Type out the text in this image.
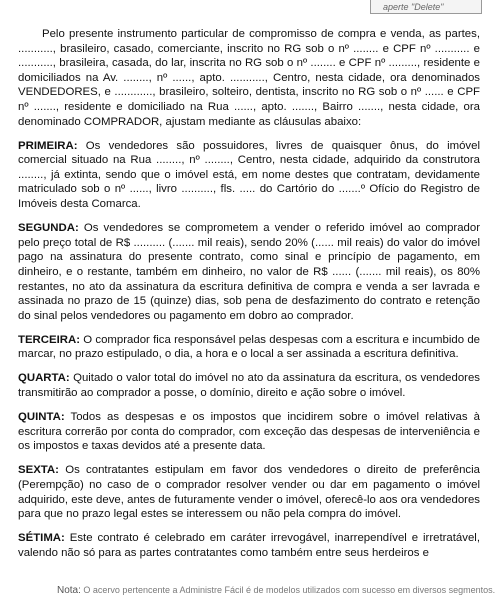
aperte "Delete"

Pelo presente instrumento particular de compromisso de compra e venda, as partes, ..........., brasileiro, casado, comerciante, inscrito no RG sob o nº ........ e CPF nº ........... e ..........., brasileira, casada, do lar, inscrita no RG sob o nº ........ e CPF nº ........., residente e domiciliados na Av. ........, nº ......, apto. ..........., Centro, nesta cidade, ora denominados VENDEDORES, e ............, brasileiro, solteiro, dentista, inscrito no RG sob o nº ...... e CPF nº ......., residente e domiciliado na Rua ......, apto. ......., Bairro ......., nesta cidade, ora denominado COMPRADOR, ajustam mediante as cláusulas abaixo:

PRIMEIRA: Os vendedores são possuidores, livres de quaisquer ônus, do imóvel comercial situado na Rua ........, nº ........, Centro, nesta cidade, adquirido da construtora ........, já extinta, sendo que o imóvel está, em nome destes que contratam, devidamente matriculado sob o nº ......, livro .........., fls. ..... do Cartório do .......º Ofício do Registro de Imóveis desta Comarca.

SEGUNDA: Os vendedores se comprometem a vender o referido imóvel ao comprador pelo preço total de R$ .......... (....... mil reais), sendo 20% (...... mil reais) do valor do imóvel pago na assinatura do presente contrato, como sinal e princípio de pagamento, em dinheiro, e o restante, também em dinheiro, no valor de R$ ...... (....... mil reais), os 80% restantes, no ato da assinatura da escritura definitiva de compra e venda a ser lavrada e assinada no prazo de 15 (quinze) dias, sob pena de desfazimento do contrato e retenção do sinal pelos vendedores ou pagamento em dobro ao comprador.

TERCEIRA: O comprador fica responsável pelas despesas com a escritura e incumbido de marcar, no prazo estipulado, o dia, a hora e o local a ser assinada a escritura definitiva.

QUARTA: Quitado o valor total do imóvel no ato da assinatura da escritura, os vendedores transmitirão ao comprador a posse, o domínio, direito e ação sobre o imóvel.

QUINTA: Todos as despesas e os impostos que incidirem sobre o imóvel relativas à escritura correrão por conta do comprador, com exceção das despesas de interveniência e os impostos e taxas devidos até a presente data.

SEXTA: Os contratantes estipulam em favor dos vendedores o direito de preferência (Perempção) no caso de o comprador resolver vender ou dar em pagamento o imóvel adquirido, este deve, antes de futuramente vender o imóvel, oferecê-lo aos ora vendedores para que no prazo legal estes se interessem ou não pela compra do imóvel.

SÉTIMA: Este contrato é celebrado em caráter irrevogável, inarrependível e irretratável, valendo não só para as partes contratantes como também entre seus herdeiros e

Nota: O acervo pertencente a Administre Fácil é de modelos utilizados com sucesso em diversos segmentos.
